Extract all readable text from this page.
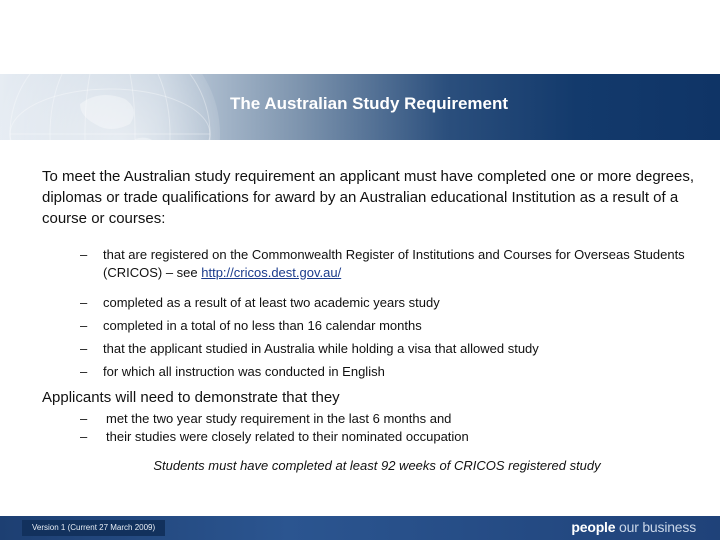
The Australian Study Requirement
To meet the Australian study requirement an applicant must have completed one or more degrees, diplomas or trade qualifications for award by an Australian educational Institution as a result of a course or courses:
– that are registered on the Commonwealth Register of Institutions and Courses for Overseas Students (CRICOS) – see http://cricos.dest.gov.au/
– completed as a result of at least two academic years study
– completed in a total of no less than 16 calendar months
– that the applicant studied in Australia while holding a visa that allowed study
– for which all instruction was conducted in English
Applicants will need to demonstrate that they
– met the two year study requirement in the last 6 months and
– their studies were closely related to their nominated occupation
Students must have completed at least 92 weeks of CRICOS registered study
Version 1 (Current 27 March 2009)	people our business
